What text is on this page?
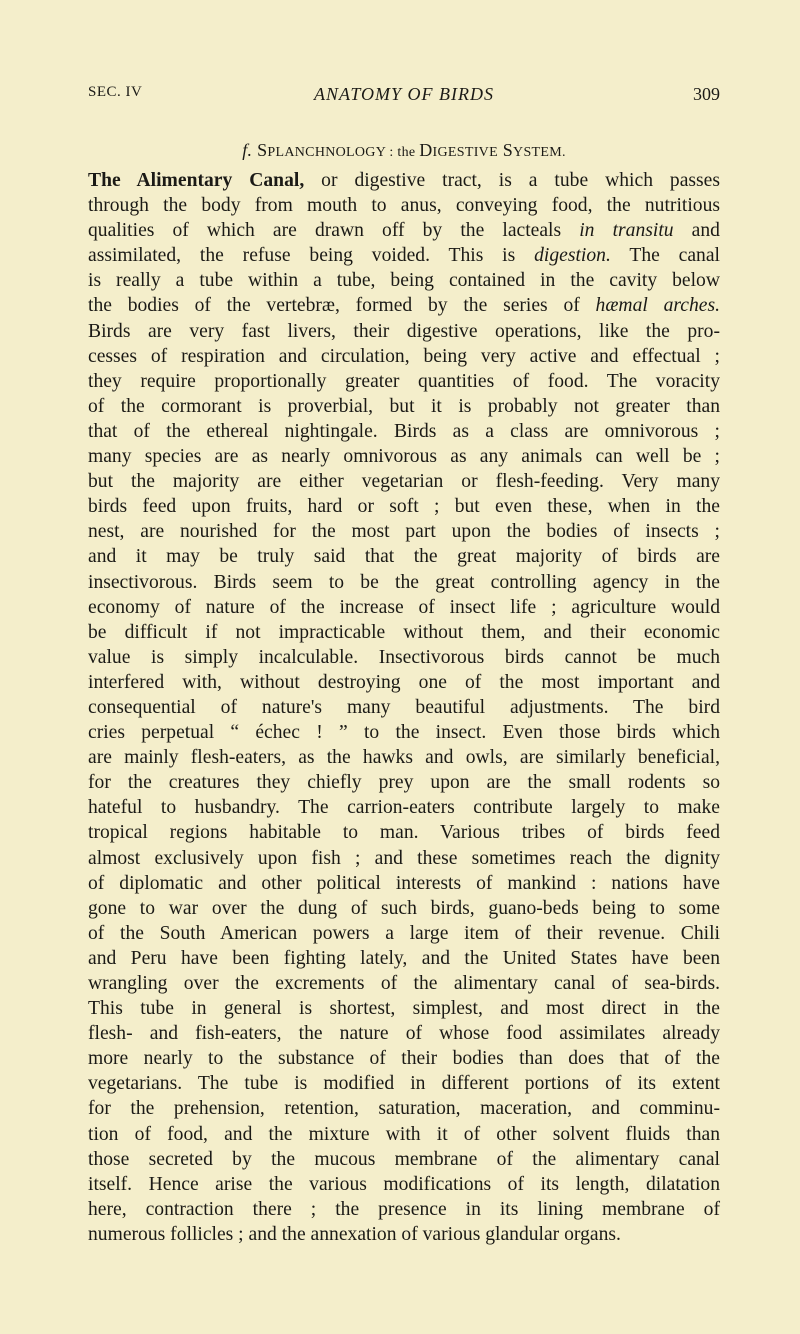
SEC. IV	ANATOMY OF BIRDS	309
f. SPLANCHNOLOGY : the DIGESTIVE SYSTEM.
The Alimentary Canal, or digestive tract, is a tube which passes
through the body from mouth to anus, conveying food, the nutritious
qualities of which are drawn off by the lacteals in transitu and
assimilated, the refuse being voided. This is digestion. The canal
is really a tube within a tube, being contained in the cavity below
the bodies of the vertebræ, formed by the series of hæmal arches.
Birds are very fast livers, their digestive operations, like the pro-
cesses of respiration and circulation, being very active and effectual ;
they require proportionally greater quantities of food. The voracity
of the cormorant is proverbial, but it is probably not greater than
that of the ethereal nightingale. Birds as a class are omnivorous ;
many species are as nearly omnivorous as any animals can well be ;
but the majority are either vegetarian or flesh-feeding. Very many
birds feed upon fruits, hard or soft ; but even these, when in the
nest, are nourished for the most part upon the bodies of insects ;
and it may be truly said that the great majority of birds are
insectivorous. Birds seem to be the great controlling agency in the
economy of nature of the increase of insect life ; agriculture would
be difficult if not impracticable without them, and their economic
value is simply incalculable. Insectivorous birds cannot be much
interfered with, without destroying one of the most important and
consequential of nature's many beautiful adjustments. The bird
cries perpetual “ échec ! ” to the insect. Even those birds which
are mainly flesh-eaters, as the hawks and owls, are similarly beneficial,
for the creatures they chiefly prey upon are the small rodents so
hateful to husbandry. The carrion-eaters contribute largely to make
tropical regions habitable to man. Various tribes of birds feed
almost exclusively upon fish ; and these sometimes reach the dignity
of diplomatic and other political interests of mankind : nations have
gone to war over the dung of such birds, guano-beds being to some
of the South American powers a large item of their revenue. Chili
and Peru have been fighting lately, and the United States have been
wrangling over the excrements of the alimentary canal of sea-birds.
This tube in general is shortest, simplest, and most direct in the
flesh- and fish-eaters, the nature of whose food assimilates already
more nearly to the substance of their bodies than does that of the
vegetarians. The tube is modified in different portions of its extent
for the prehension, retention, saturation, maceration, and comminu-
tion of food, and the mixture with it of other solvent fluids than
those secreted by the mucous membrane of the alimentary canal
itself. Hence arise the various modifications of its length, dilatation
here, contraction there ; the presence in its lining membrane of
numerous follicles ; and the annexation of various glandular organs.
